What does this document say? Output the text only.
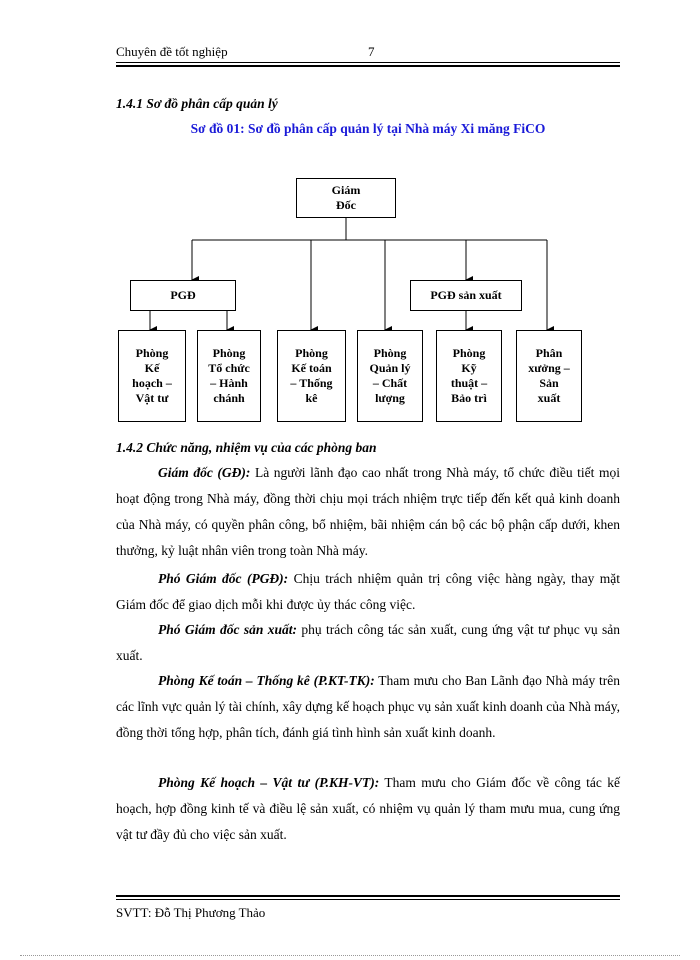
Chuyên đề tốt nghiệp	7
1.4.1 Sơ đồ phân cấp quản lý
Sơ đồ 01: Sơ đồ phân cấp quản lý tại Nhà máy Xi măng FiCO
Giám
Đốc
PGĐ	PGĐ sản xuất
Phòng
Kế
hoạch –
Vật tư
Phòng
Tổ chức
– Hành
chánh
Phòng
Kế toán
– Thống
kê
Phòng
Quản lý
– Chất
lượng
Phòng
Kỹ
thuật –
Bảo trì
Phân
xưởng –
Sản
xuất
1.4.2 Chức năng, nhiệm vụ của các phòng ban
Giám đốc (GĐ): Là người lãnh đạo cao nhất trong Nhà máy, tổ chức điều tiết mọi hoạt động trong Nhà máy, đồng thời chịu mọi trách nhiệm trực tiếp đến kết quả kinh doanh của Nhà máy, có quyền phân công, bổ nhiệm, bãi nhiệm cán bộ các bộ phận cấp dưới, khen thưởng, kỷ luật nhân viên trong toàn Nhà máy.
Phó Giám đốc (PGĐ): Chịu trách nhiệm quản trị công việc hàng ngày, thay mặt Giám đốc để giao dịch mỗi khi được ủy thác công việc.
Phó Giám đốc sản xuất: phụ trách công tác sản xuất, cung ứng vật tư phục vụ sản xuất.
Phòng Kế toán – Thống kê (P.KT-TK): Tham mưu cho Ban Lãnh đạo Nhà máy trên các lĩnh vực quản lý tài chính, xây dựng kế hoạch phục vụ sản xuất kinh doanh của Nhà máy, đồng thời tổng hợp, phân tích, đánh giá tình hình sản xuất kinh doanh.
Phòng Kế hoạch – Vật tư (P.KH-VT): Tham mưu cho Giám đốc về công tác kế hoạch, hợp đồng kinh tế và điều lệ sản xuất, có nhiệm vụ quản lý tham mưu mua, cung ứng vật tư đầy đủ cho việc sản xuất.
SVTT: Đỗ Thị Phương Thảo
